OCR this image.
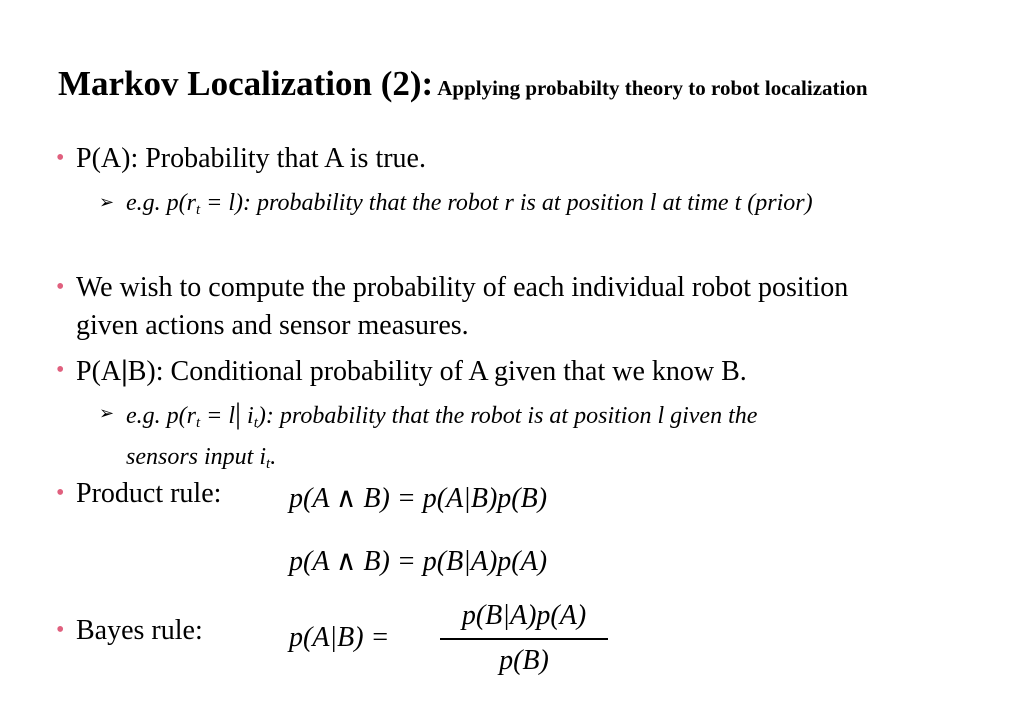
Markov Localization (2): Applying probabilty theory to robot localization
• P(A): Probability that A is true.
➢ e.g. $p(r_t = l)$: probability that the robot r is at position l at time t (prior)
• We wish to compute the probability of each individual robot position
given actions and sensor measures.
• P(A|B): Conditional probability of A given that we know B.
➢ e.g. $p(r_t = l|$ $i_t$): probability that the robot is at position l given the
sensors input $i_t$.
• Product rule: p(A ∧ B) = p(A|B)p(B)
p(A ∧ B) = p(B|A)p(A)
• Bayes rule:	p(A|B) =
p(B|A)p(A)
p(B)
